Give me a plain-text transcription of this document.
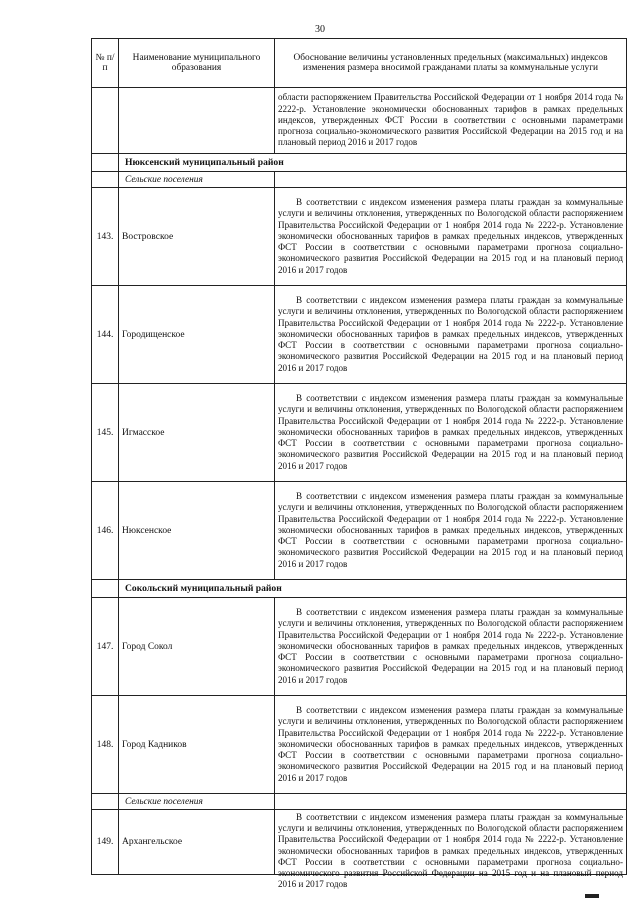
30
№ п/п	Наименование муниципального образования	Обоснование величины установленных предельных (максимальных) индексов изменения размера вносимой гражданами платы за коммунальные услуги
		области распоряжением Правительства Российской Федерации от 1 ноября 2014 года № 2222-р. Установление экономически обоснованных тарифов в рамках предельных индексов, утвержденных ФСТ России в соответствии с основными параметрами прогноза социально-экономического развития Российской Федерации на 2015 год и на плановый период 2016 и 2017 годов
	Нюксенский муниципальный район	
	Сельские поселения	
143.	Востровское	В соответствии с индексом изменения размера платы граждан за коммунальные услуги и величины отклонения, утвержденных по Вологодской области распоряжением Правительства Российской Федерации от 1 ноября 2014 года № 2222-р. Установление экономически обоснованных тарифов в рамках предельных индексов, утвержденных ФСТ России в соответствии с основными параметрами прогноза социально-экономического развития Российской Федерации на 2015 год и на плановый период 2016 и 2017 годов
144.	Городищенское	В соответствии с индексом изменения размера платы граждан за коммунальные услуги и величины отклонения, утвержденных по Вологодской области распоряжением Правительства Российской Федерации от 1 ноября 2014 года № 2222-р. Установление экономически обоснованных тарифов в рамках предельных индексов, утвержденных ФСТ России в соответствии с основными параметрами прогноза социально-экономического развития Российской Федерации на 2015 год и на плановый период 2016 и 2017 годов
145.	Игмасское	В соответствии с индексом изменения размера платы граждан за коммунальные услуги и величины отклонения, утвержденных по Вологодской области распоряжением Правительства Российской Федерации от 1 ноября 2014 года № 2222-р. Установление экономически обоснованных тарифов в рамках предельных индексов, утвержденных ФСТ России в соответствии с основными параметрами прогноза социально-экономического развития Российской Федерации на 2015 год и на плановый период 2016 и 2017 годов
146.	Нюксенское	В соответствии с индексом изменения размера платы граждан за коммунальные услуги и величины отклонения, утвержденных по Вологодской области распоряжением Правительства Российской Федерации от 1 ноября 2014 года № 2222-р. Установление экономически обоснованных тарифов в рамках предельных индексов, утвержденных ФСТ России в соответствии с основными параметрами прогноза социально-экономического развития Российской Федерации на 2015 год и на плановый период 2016 и 2017 годов
	Сокольский муниципальный район	
147.	Город Сокол	В соответствии с индексом изменения размера платы граждан за коммунальные услуги и величины отклонения, утвержденных по Вологодской области распоряжением Правительства Российской Федерации от 1 ноября 2014 года № 2222-р. Установление экономически обоснованных тарифов в рамках предельных индексов, утвержденных ФСТ России в соответствии с основными параметрами прогноза социально-экономического развития Российской Федерации на 2015 год и на плановый период 2016 и 2017 годов
148.	Город Кадников	В соответствии с индексом изменения размера платы граждан за коммунальные услуги и величины отклонения, утвержденных по Вологодской области распоряжением Правительства Российской Федерации от 1 ноября 2014 года № 2222-р. Установление экономически обоснованных тарифов в рамках предельных индексов, утвержденных ФСТ России в соответствии с основными параметрами прогноза социально-экономического развития Российской Федерации на 2015 год и на плановый период 2016 и 2017 годов
	Сельские поселения	
149.	Архангельское	В соответствии с индексом изменения размера платы граждан за коммунальные услуги и величины отклонения, утвержденных по Вологодской области распоряжением Правительства Российской Федерации от 1 ноября 2014 года № 2222-р. Установление экономически обоснованных тарифов в рамках предельных индексов, утвержденных ФСТ России в соответствии с основными параметрами прогноза социально-экономического развития Российской Федерации на 2015 год и на плановый период 2016 и 2017 годов
